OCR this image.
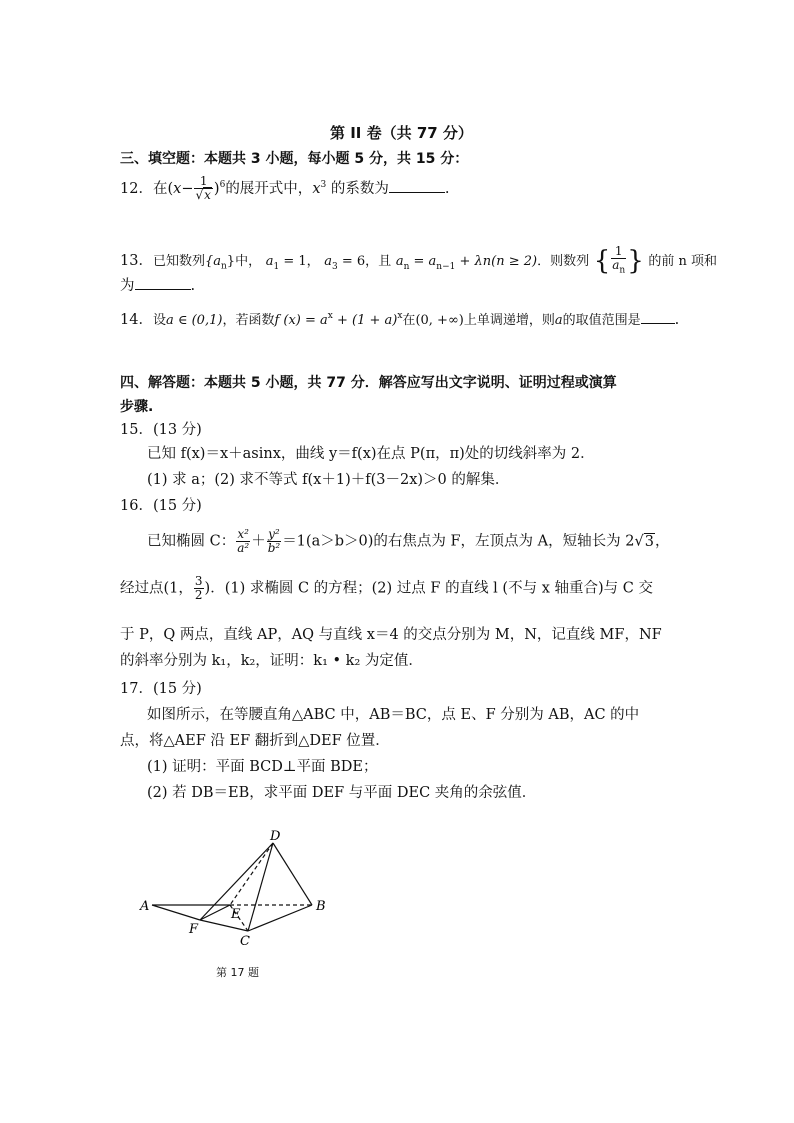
第 II 卷（共 77 分）
三、填空题：本题共 3 小题，每小题 5 分，共 15 分：
12．在$(x- \frac{1}{√x} )^6$的展开式中，$x^3$ 的系数为	.
13．已知数列$\{a_n\}$中， $a_1 = 1$， $a_3 = 6$，且 $a_n = a_{n-1} + \lambda n(n \ge 2)$．则数列 { $\frac{1}{a_n}$ } 的前 n 项和
为	.
14．设a ∈ (0,1)，若函数f $(x) = a^x + (1 + a)^x$在(0, +∞)上单调递增，则a的取值范围是 .
四、解答题：本题共 5 小题，共 77 分．解答应写出文字说明、证明过程或演算
步骤.
15．(13 分)
已知 f(x)＝x＋asinx，曲线 y＝f(x)在点 P(π，π)处的切线斜率为 2．
(1) 求 a；(2) 求不等式 f(x＋1)＋f(3－2x)＞0 的解集．
16．(15 分)
已知椭圆 C： $\frac{\text{x²}}{\text{a²}} + \frac{\text{y²}}{\text{b²}} =1(a>b>0)$的右焦点为 F，左顶点为 A，短轴长为 2√3，
经过点(1， $\frac{3}{2}$ )．(1) 求椭圆 C 的方程；(2) 过点 F 的直线 l (不与 x 轴重合)与 C 交
于 P，Q 两点，直线 AP，AQ 与直线 x＝4 的交点分别为 M，N，记直线 MF，NF
的斜率分别为 k₁，k₂，证明：k₁ • k₂ 为定值．
17．(15 分)
如图所示，在等腰直角△ABC 中，AB＝BC，点 E、F 分别为 AB，AC 的中
点，将△AEF 沿 EF 翻折到△DEF 位置．
(1) 证明：平面 BCD⊥平面 BDE；
(2) 若 DB＝EB，求平面 DEF 与平面 DEC 夹角的余弦值．
A	B
C
D
E
F
第 17 题
